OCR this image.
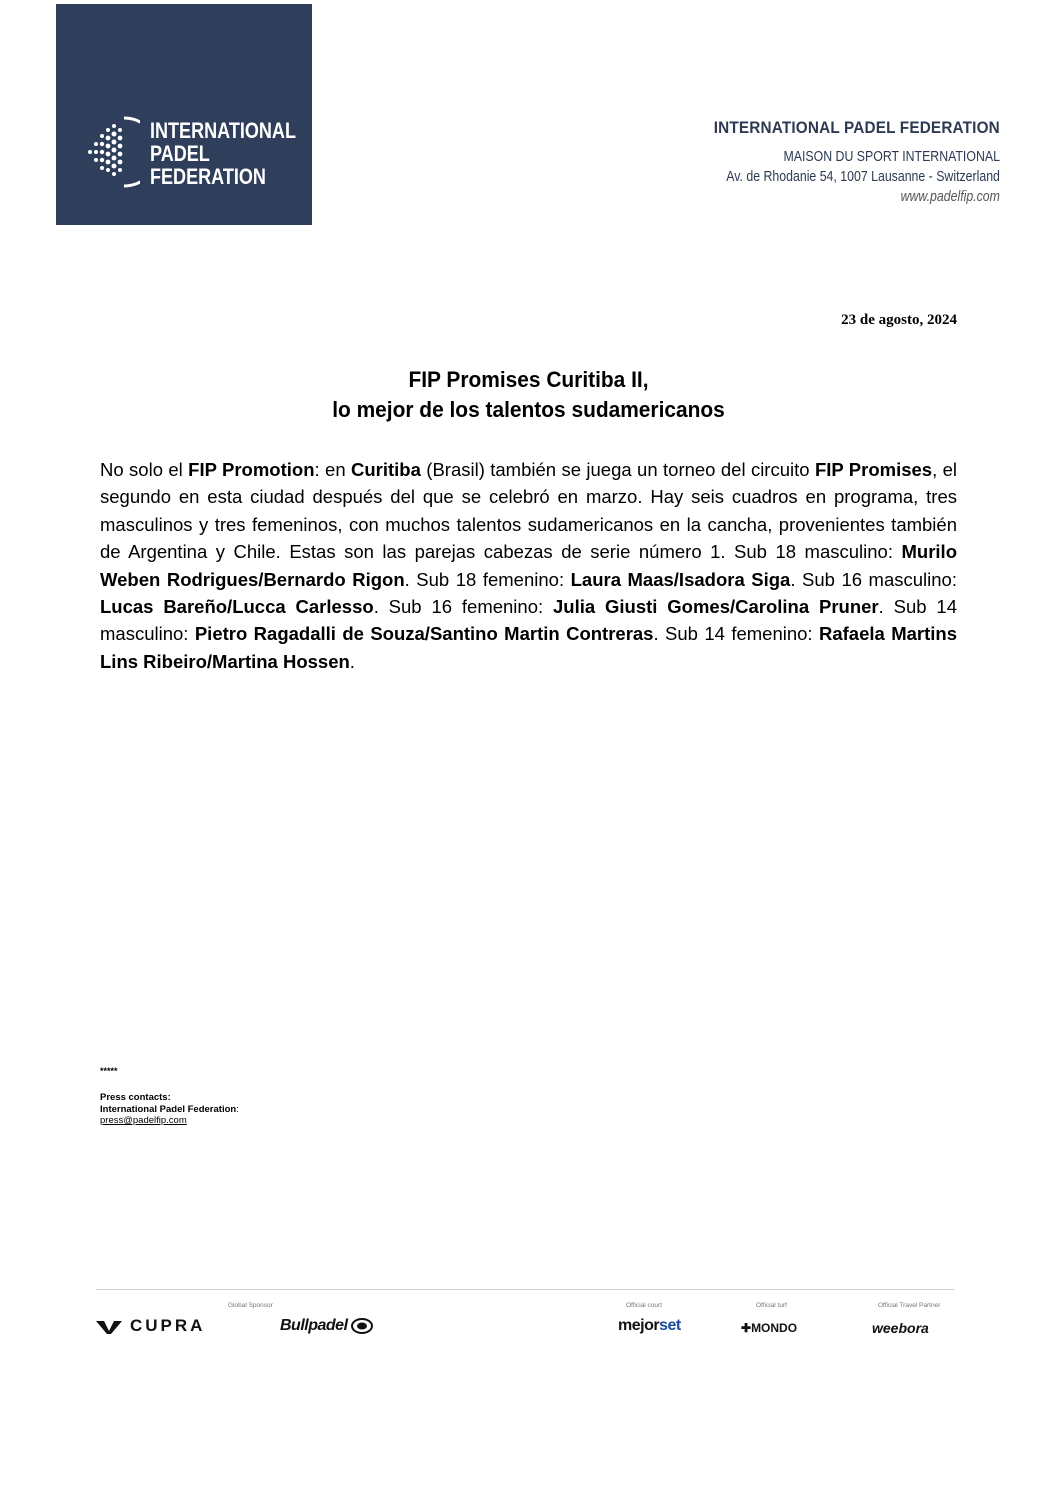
INTERNATIONAL
PADEL
FEDERATION
INTERNATIONAL PADEL FEDERATION
MAISON DU SPORT INTERNATIONAL
Av. de Rhodanie 54, 1007 Lausanne - Switzerland
www.padelfip.com
23 de agosto, 2024
FIP Promises Curitiba II,
lo mejor de los talentos sudamericanos
No solo el FIP Promotion: en Curitiba (Brasil) también se juega un torneo del circuito FIP Promises, el segundo en esta ciudad después del que se celebró en marzo. Hay seis cuadros en programa, tres masculinos y tres femeninos, con muchos talentos sudamericanos en la cancha, provenientes también de Argentina y Chile. Estas son las parejas cabezas de serie número 1. Sub 18 masculino: Murilo Weben Rodrigues/Bernardo Rigon. Sub 18 femenino: Laura Maas/Isadora Siga. Sub 16 masculino: Lucas Bareño/Lucca Carlesso. Sub 16 femenino: Julia Giusti Gomes/Carolina Pruner. Sub 14 masculino: Pietro Ragadalli de Souza/Santino Martin Contreras. Sub 14 femenino: Rafaela Martins Lins Ribeiro/Martina Hossen.
*****
Press contacts:
International Padel Federation:
press@padelfip.com
Global Sponsor	Official court	Official turf	Official Travel Partner
CUPRA	Bullpadel	mejorset	✚MONDO	weebora
